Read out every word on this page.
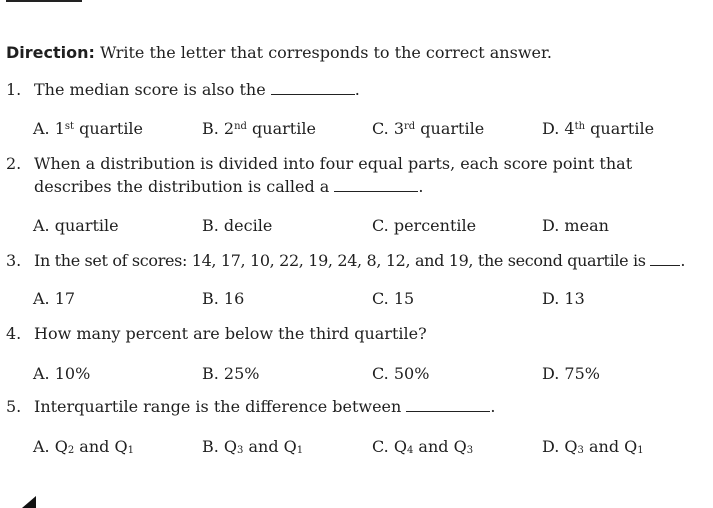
Direction: Write the letter that corresponds to the correct answer.
1. The median score is also the	.
A. 1st quartile	B. 2nd quartile	C. 3rd quartile	D. 4th quartile
2. When a distribution is divided into four equal parts, each score point that
describes the distribution is called a	.
A. quartile	B. decile	C. percentile	D. mean
3. In the set of scores: 14, 17, 10, 22, 19, 24, 8, 12, and 19, the second quartile is .
A. 17	B. 16	C. 15	D. 13
4. How many percent are below the third quartile?
A. 10%	B. 25%	C. 50%	D. 75%
5. Interquartile range is the difference between	.
A. $Q_2$ and $Q_1$	B. $Q_3$ and $Q_1$	C. $Q_4$ and $Q_3$	D. $Q_3$ and $Q_1$
